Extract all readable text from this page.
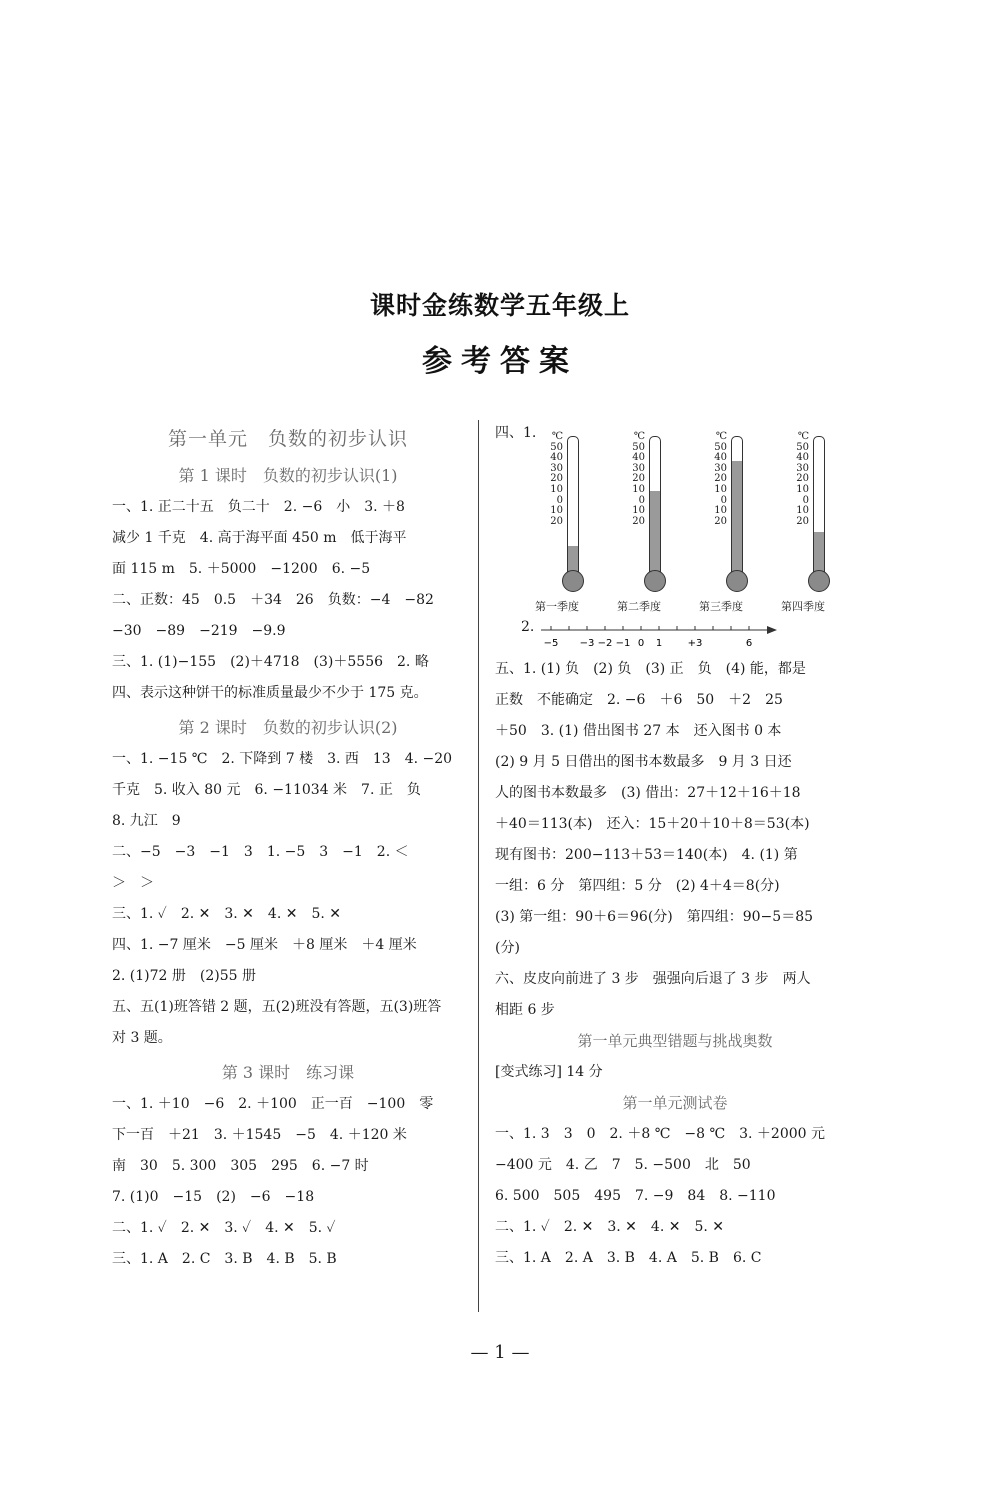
课时金练数学五年级上
参考答案
第一单元　负数的初步认识
第 1 课时　负数的初步认识(1)
一、1. 正二十五　负二十　2. −6　小　3. ＋8
减少 1 千克　4. 高于海平面 450 m　低于海平
面 115 m　5. ＋5000　−1200　6. −5
二、正数：45　0.5　＋34　26　负数：−4　−82
−30　−89　−219　−9.9
三、1. (1)−155　(2)＋4718　(3)＋5556　2. 略
四、表示这种饼干的标准质量最少不少于 175 克。
第 2 课时　负数的初步认识(2)
一、1. −15 ℃　2. 下降到 7 楼　3. 西　13　4. −20
千克　5. 收入 80 元　6. −11034 米　7. 正　负
8. 九江　9
二、−5　−3　−1　3　1. −5　3　−1　2. ＜
＞　＞
三、1. ✓　2. ✕　3. ✕　4. ✕　5. ✕
四、1. −7 厘米　−5 厘米　＋8 厘米　＋4 厘米
2. (1)72 册　(2)55 册
五、五(1)班答错 2 题，五(2)班没有答题，五(3)班答
对 3 题。
第 3 课时　练习课
一、1. ＋10　−6　2. ＋100　正一百　−100　零
下一百　＋21　3. ＋1545　−5　4. ＋120 米
南　30　5. 300　305　295　6. −7 时
7. (1)0　−15　(2)　−6　−18
二、1. ✓　2. ✕　3. ✓　4. ✕　5. ✓
三、1. A　2. C　3. B　4. B　5. B
四、1.	℃
50
40
30
20
10
0
10
20
第一季度
℃
50
40
30
20
10
0
10
20
第二季度
℃
50
40
30
20
10
0
10
20
第三季度
℃
50
40
30
20
10
0
10
20
第四季度
2.
−5 −3 −2 −1 0 1	+3	6
五、1. (1) 负　(2) 负　(3) 正　负　(4) 能，都是
正数　不能确定　2. −6　＋6　50　＋2　25
＋50　3. (1) 借出图书 27 本　还入图书 0 本
(2) 9 月 5 日借出的图书本数最多　9 月 3 日还
人的图书本数最多　(3) 借出：27＋12＋16＋18
＋40＝113(本)　还入：15＋20＋10＋8＝53(本)
现有图书：200−113＋53＝140(本)　4. (1) 第
一组：6 分　第四组：5 分　(2) 4＋4＝8(分)
(3) 第一组：90＋6＝96(分)　第四组：90−5＝85
(分)
六、皮皮向前进了 3 步　强强向后退了 3 步　两人
相距 6 步
第一单元典型错题与挑战奥数
[变式练习] 14 分
第一单元测试卷
一、1. 3　3　0　2. ＋8 ℃　−8 ℃　3. ＋2000 元
−400 元　4. 乙　7　5. −500　北　50
6. 500　505　495　7. −9　84　8. −110
二、1. ✓　2. ✕　3. ✕　4. ✕　5. ✕
三、1. A　2. A　3. B　4. A　5. B　6. C
— 1 —
